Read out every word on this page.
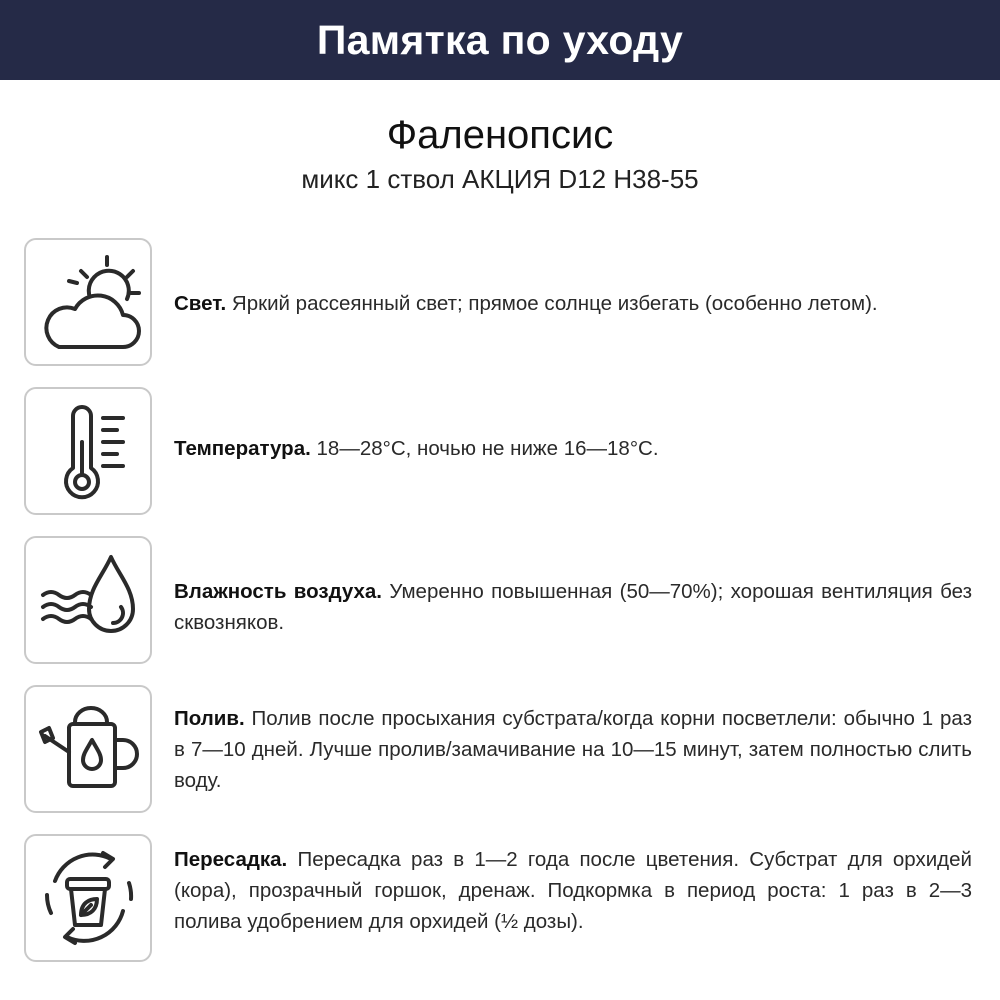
Памятка по уходу
Фаленопсис
микс 1 ствол АКЦИЯ D12 H38-55
Свет. Яркий рассеянный свет; прямое солнце избегать (особенно летом).
Температура. 18—28°C, ночью не ниже 16—18°C.
Влажность воздуха. Умеренно повышенная (50—70%); хорошая вентиляция без сквозняков.
Полив. Полив после просыхания субстрата/когда корни посветлели: обычно 1 раз в 7—10 дней. Лучше пролив/замачивание на 10—15 минут, затем полностью слить воду.
Пересадка. Пересадка раз в 1—2 года после цветения. Субстрат для орхидей (кора), прозрачный горшок, дренаж. Подкормка в период роста: 1 раз в 2—3 полива удобрением для орхидей (½ дозы).
